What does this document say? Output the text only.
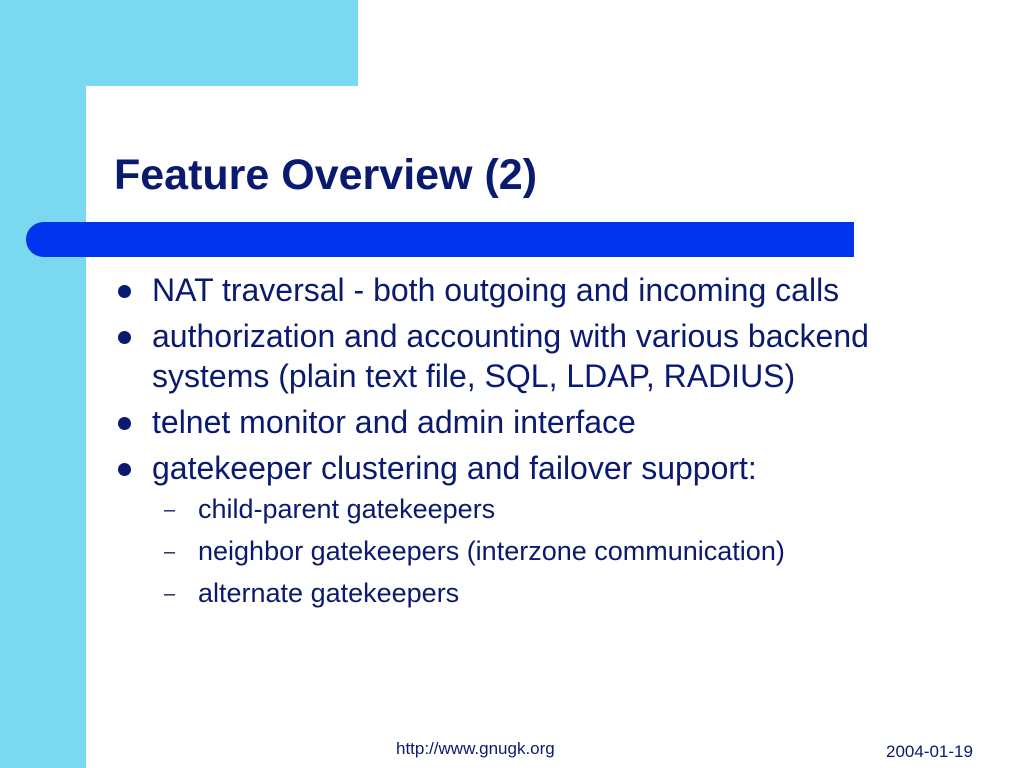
Feature Overview (2)
NAT traversal - both outgoing and incoming calls
authorization and accounting with various backend systems (plain text file, SQL, LDAP, RADIUS)
telnet monitor and admin interface
gatekeeper clustering and failover support:
– child-parent gatekeepers
– neighbor gatekeepers (interzone communication)
– alternate gatekeepers
http://www.gnugk.org	2004-01-19
